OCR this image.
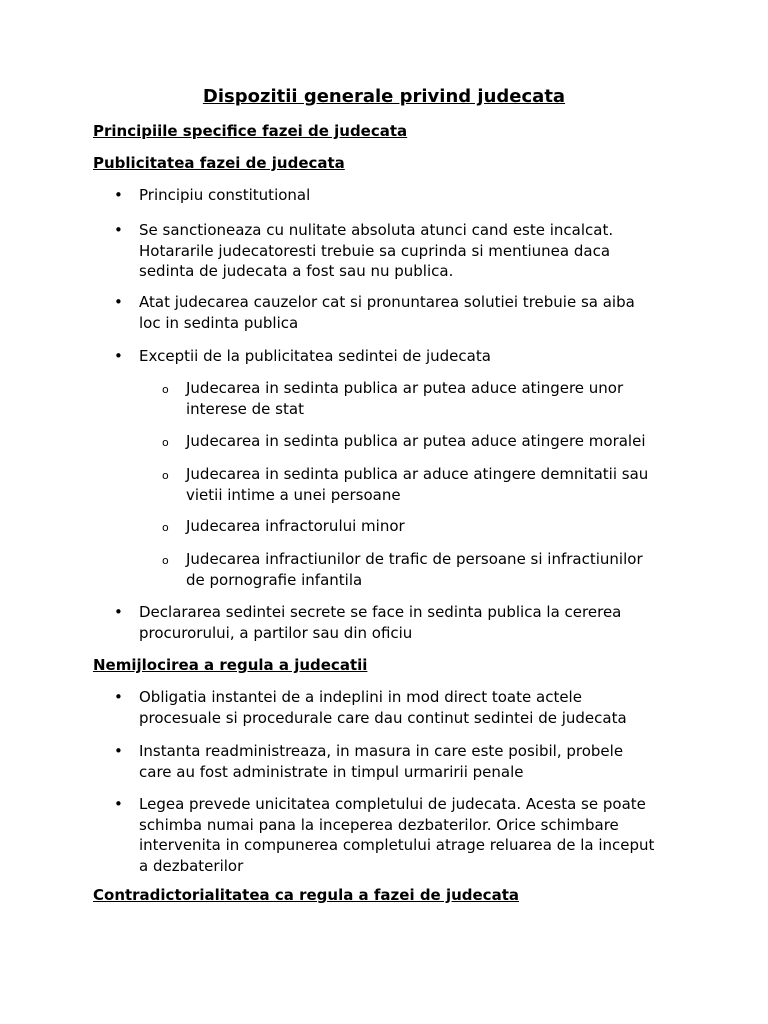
Dispozitii generale privind judecata
Principiile specifice fazei de judecata
Publicitatea fazei de judecata
• Principiu constitutional

• Se sanctioneaza cu nulitate absoluta atunci cand este incalcat.
Hotararile judecatoresti trebuie sa cuprinda si mentiunea daca
sedinta de judecata a fost sau nu publica.

• Atat judecarea cauzelor cat si pronuntarea solutiei trebuie sa aiba
loc in sedinta publica

• Exceptii de la publicitatea sedintei de judecata

o Judecarea in sedinta publica ar putea aduce atingere unor
interese de stat

o Judecarea in sedinta publica ar putea aduce atingere moralei

o Judecarea in sedinta publica ar aduce atingere demnitatii sau
vietii intime a unei persoane

o Judecarea infractorului minor

o Judecarea infractiunilor de trafic de persoane si infractiunilor
de pornografie infantila

• Declararea sedintei secrete se face in sedinta publica la cererea
procurorului, a partilor sau din oficiu

Nemijlocirea a regula a judecatii
• Obligatia instantei de a indeplini in mod direct toate actele
procesuale si procedurale care dau continut sedintei de judecata

• Instanta readministreaza, in masura in care este posibil, probele
care au fost administrate in timpul urmaririi penale

• Legea prevede unicitatea completului de judecata. Acesta se poate
schimba numai pana la inceperea dezbaterilor. Orice schimbare
intervenita in compunerea completului atrage reluarea de la inceput
a dezbaterilor

Contradictorialitatea ca regula a fazei de judecata
